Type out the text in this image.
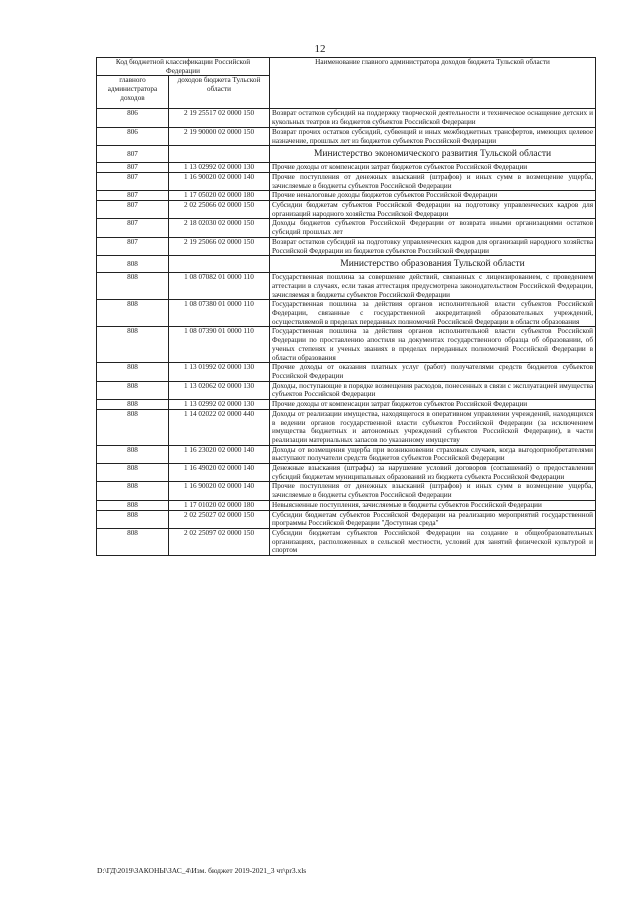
12
Код бюджетной классификации Российской Федерации		Наименование главного администратора доходов бюджета Тульской области
главного администратора доходов	доходов бюджета Тульской области	
806	2 19 25517 02 0000 150	Возврат остатков субсидий на поддержку творческой деятельности и техническое оснащение детских и кукольных театров из бюджетов субъектов Российской Федерации
806	2 19 90000 02 0000 150	Возврат прочих остатков субсидий, субвенций и иных межбюджетных трансфертов, имеющих целевое назначение, прошлых лет из бюджетов субъектов Российской Федерации
807		Министерство экономического развития Тульской области
807	1 13 02992 02 0000 130	Прочие доходы от компенсации затрат бюджетов субъектов Российской Федерации
807	1 16 90020 02 0000 140	Прочие поступления от денежных взысканий (штрафов) и иных сумм в возмещение ущерба, зачисляемые в бюджеты субъектов Российской Федерации
807	1 17 05020 02 0000 180	Прочие неналоговые доходы бюджетов субъектов Российской Федерации
807	2 02 25066 02 0000 150	Субсидии бюджетам субъектов Российской Федерации на подготовку управленческих кадров для организаций народного хозяйства Российской Федерации
807	2 18 02030 02 0000 150	Доходы бюджетов субъектов Российской Федерации от возврата иными организациями остатков субсидий прошлых лет
807	2 19 25066 02 0000 150	Возврат остатков субсидий на подготовку управленческих кадров для организаций народного хозяйства Российской Федерации из бюджетов субъектов Российской Федерации
808		Министерство образования Тульской области
808	1 08 07082 01 0000 110	Государственная пошлина за совершение действий, связанных с лицензированием, с проведением аттестации в случаях, если такая аттестация предусмотрена законодательством Российской Федерации, зачисляемая в бюджеты субъектов Российской Федерации
808	1 08 07380 01 0000 110	Государственная пошлина за действия органов исполнительной власти субъектов Российской Федерации, связанные с государственной аккредитацией образовательных учреждений, осуществляемой в пределах переданных полномочий Российской Федерации в области образования
808	1 08 07390 01 0000 110	Государственная пошлина за действия органов исполнительной власти субъектов Российской Федерации по проставлению апостиля на документах государственного образца об образовании, об ученых степенях и ученых званиях в пределах переданных полномочий Российской Федерации в области образования
808	1 13 01992 02 0000 130	Прочие доходы от оказания платных услуг (работ) получателями средств бюджетов субъектов Российской Федерации
808	1 13 02062 02 0000 130	Доходы, поступающие в порядке возмещения расходов, понесенных в связи с эксплуатацией имущества субъектов Российской Федерации
808	1 13 02992 02 0000 130	Прочие доходы от компенсации затрат бюджетов субъектов Российской Федерации
808	1 14 02022 02 0000 440	Доходы от реализации имущества, находящегося в оперативном управлении учреждений, находящихся в ведении органов государственной власти субъектов Российской Федерации (за исключением имущества бюджетных и автономных учреждений субъектов Российской Федерации), в части реализации материальных запасов по указанному имуществу
808	1 16 23020 02 0000 140	Доходы от возмещения ущерба при возникновении страховых случаев, когда выгодоприобретателями выступают получатели средств бюджетов субъектов Российской Федерации
808	1 16 49020 02 0000 140	Денежные взыскания (штрафы) за нарушение условий договоров (соглашений) о предоставлении субсидий бюджетам муниципальных образований из бюджета субъекта Российской Федерации
808	1 16 90020 02 0000 140	Прочие поступления от денежных взысканий (штрафов) и иных сумм в возмещение ущерба, зачисляемые в бюджеты субъектов Российской Федерации
808	1 17 01020 02 0000 180	Невыясненные поступления, зачисляемые в бюджеты субъектов Российской Федерации
808	2 02 25027 02 0000 150	Субсидии бюджетам субъектов Российской Федерации на реализацию мероприятий государственной программы Российской Федерации "Доступная среда"
808	2 02 25097 02 0000 150	Субсидии бюджетам субъектов Российской Федерации на создание в общеобразовательных организациях, расположенных в сельской местности, условий для занятий физической культурой и спортом
D:\ГД\2019\ЗАКОНЫ\ЗАС_4\Изм. бюджет 2019-2021_3 чт\pr3.xls
